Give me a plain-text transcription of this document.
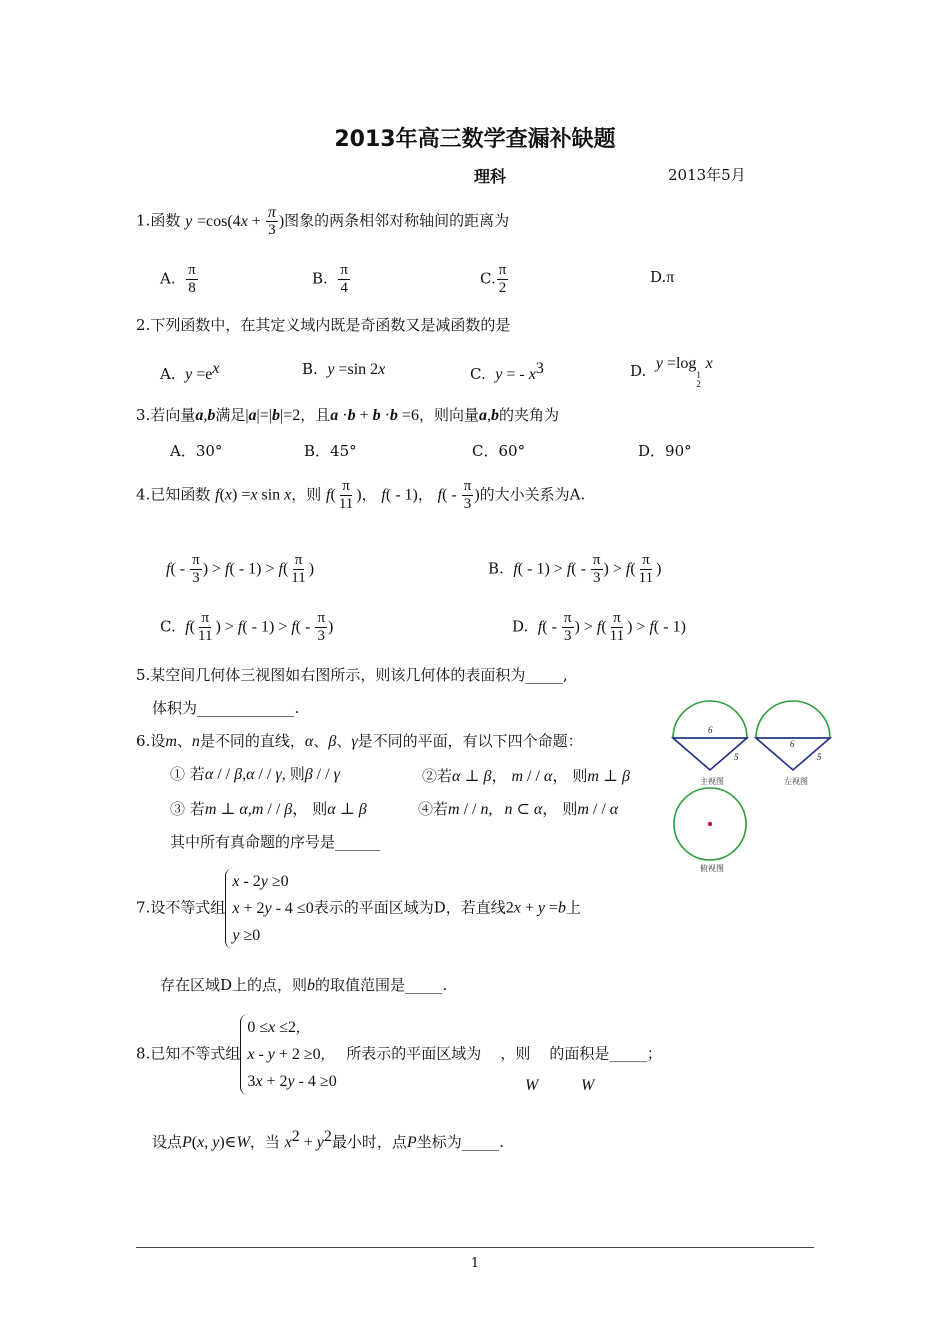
2013年高三数学查漏补缺题
理科	2013年5月
1.函数 $y =\cos(4x + \frac{\pi}{3}$ )图象的两条相邻对称轴间的距离为
A. $\frac{\pi}{8}$	B. $\frac{\pi}{4}$	C. $\frac{\pi}{2}$	D.π
2.下列函数中，在其定义域内既是奇函数又是减函数的是
A. $y =e^x$	B. y =sin 2x	C. y = - $x^3$	D. y =log
1
2
x
3.若向量a,b满足|a|=|b|=2，且a ·b + b ·b =6，则向量a,b的夹角为
A．30°	B．45°	C．60°	D．90°
4.已知函数 f(x) =x sin x，则 $f( \frac{\pi}{11}$ )， f( - 1)， $f( - \frac{\pi}{3}$ )的大小关系为A.
$f( - \frac{\pi}{3}$ ) > $f( - 1) > f( \frac{\pi}{11}$ )	B. $f( - 1) > f( - \frac{\pi}{3}$ ) > $f( \frac{\pi}{11}$ )
C. $f( \frac{\pi}{11}$ ) > $f( - 1) > f( - \frac{\pi}{3}$ )	D. $f( - \frac{\pi}{3}$ ) > $f( \frac{\pi}{11}$ ) > f( - 1)
5.某空间几何体三视图如右图所示，则该几何体的表面积为_____,
体积为_____________.
6.设m、n是不同的直线，α、β、γ是不同的平面，有以下四个命题：
① 若α / / β,α / / γ, 则β / / γ	②若α ⊥ β， m / / α， 则m ⊥ β
③ 若m ⊥ α,m / / β， 则α ⊥ β	④若m / / n,   n ⊂ α， 则m / / α
其中所有真命题的序号是______
6
5
主视图
6
5
左视图
俯视图
7.设不等式组
x - 2y ≥0
x + 2y - 4 ≤0
y ≥0
表示的平面区域为D，若直线2x + y =b上
存在区域D上的点，则b的取值范围是_____.
8.已知不等式组
0 ≤x ≤2,
x - y + 2 ≥0,
3x + 2y - 4 ≥0
所表示的平面区域为 ，则 的面积是_____；
W	W
设点P(x, y)∈W，当 $x^2 + y^2$最小时，点P坐标为_____.
1
